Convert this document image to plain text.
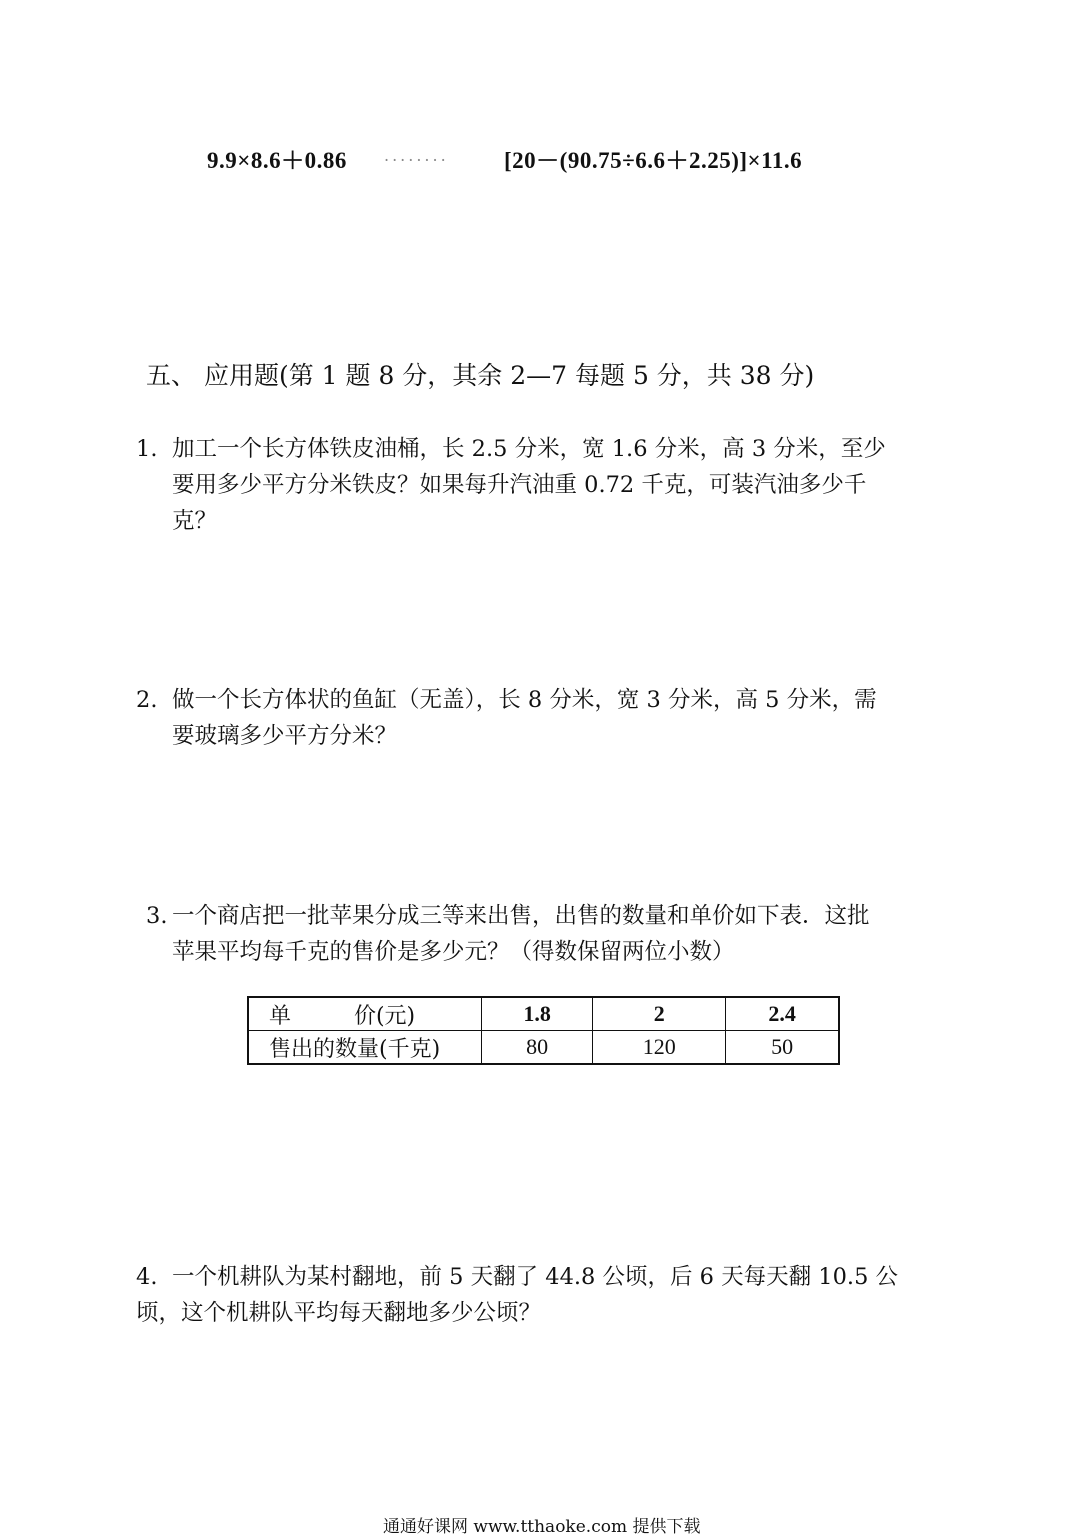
9.9×8.6＋0.86 ........ [20－(90.75÷6.6＋2.25)]×11.6
五、 应用题(第 1 题 8 分，其余 2—7 每题 5 分，共 38 分)
1. 加工一个长方体铁皮油桶，长 2.5 分米，宽 1.6 分米，高 3 分米，至少
要用多少平方分米铁皮？如果每升汽油重 0.72 千克，可装汽油多少千
克？
2. 做一个长方体状的鱼缸（无盖），长 8 分米，宽 3 分米，高 5 分米，需
要玻璃多少平方分米？
3. 一个商店把一批苹果分成三等来出售，出售的数量和单价如下表．这批
苹果平均每千克的售价是多少元？（得数保留两位小数）
单         价(元)	1.8	2	2.4
售出的数量(千克)	80	120	50
4. 一个机耕队为某村翻地，前 5 天翻了 44.8 公顷，后 6 天每天翻 10.5 公
顷，这个机耕队平均每天翻地多少公顷？
通通好课网 www.tthaoke.com 提供下载
